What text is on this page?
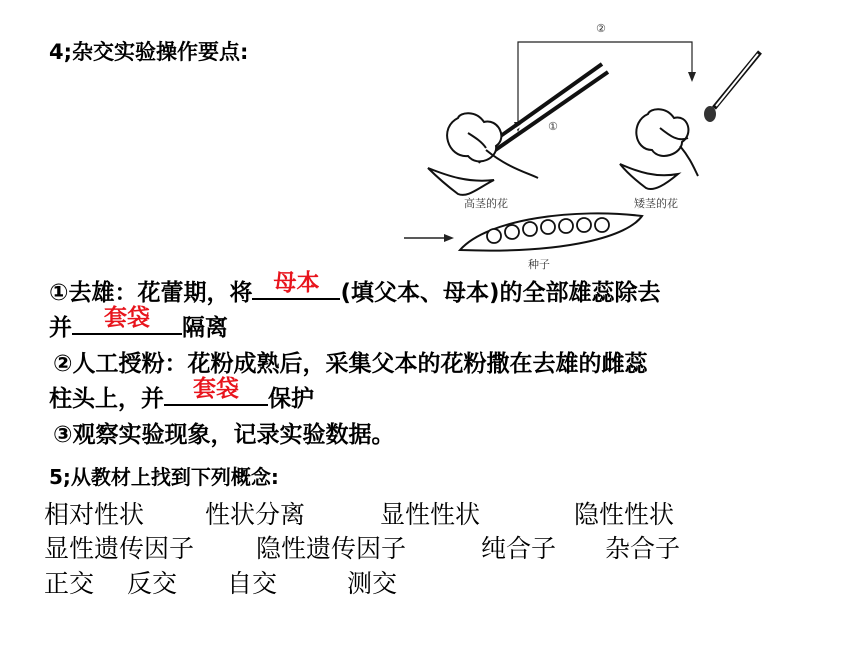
4;杂交实验操作要点:
②
①
高茎的花	矮茎的花
种子
①去雄：花蕾期，将 母本 (填父本、母本)的全部雄蕊除去
并	套袋	隔离
②人工授粉：花粉成熟后，采集父本的花粉撒在去雄的雌蕊
柱头上，并	套袋	保护
③观察实验现象，记录实验数据。
5;从教材上找到下列概念:
相对性状 性状分离	显性性状	隐性性状
显性遗传因子 隐性遗传因子	纯合子 杂合子
正交 反交 自交	测交
